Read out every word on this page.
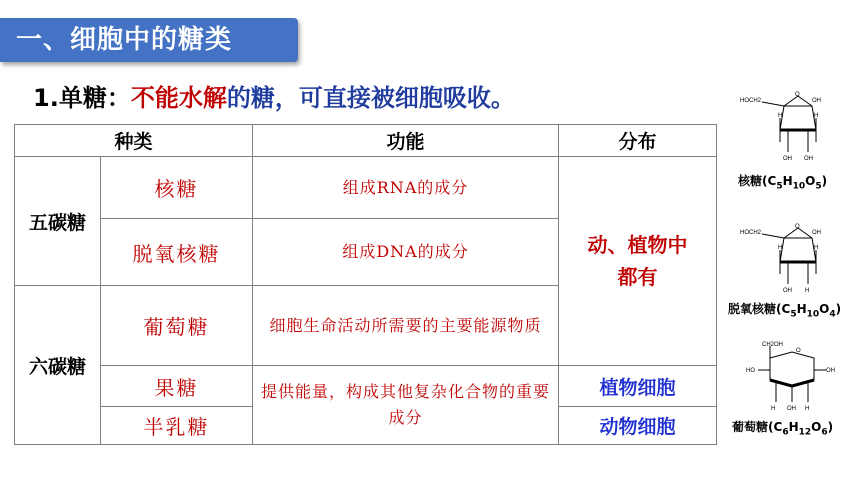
一、细胞中的糖类
1.单糖：不能水解的糖，可直接被细胞吸收。
种类		功能	分布
五碳糖	核糖	组成RNA的成分	动、植物中都有

	脱氧核糖	组成DNA的成分	
六碳糖	葡萄糖	细胞生命活动所需要的主要能源物质	
	果糖	提供能量，构成其他复杂化合物的重要成分	植物细胞
	半乳糖		动物细胞
HOCH2
O
OH
H	H
OH OH
核糖$(C_5H_{10}O_5)$
HOCH2
O
OH
H	H
OH H
脱氧核糖$(C_5H_{10}O_4)$
CH2OH
O
HO	OH
H OH H
葡萄糖$(C_6H_{12}O_6)$
